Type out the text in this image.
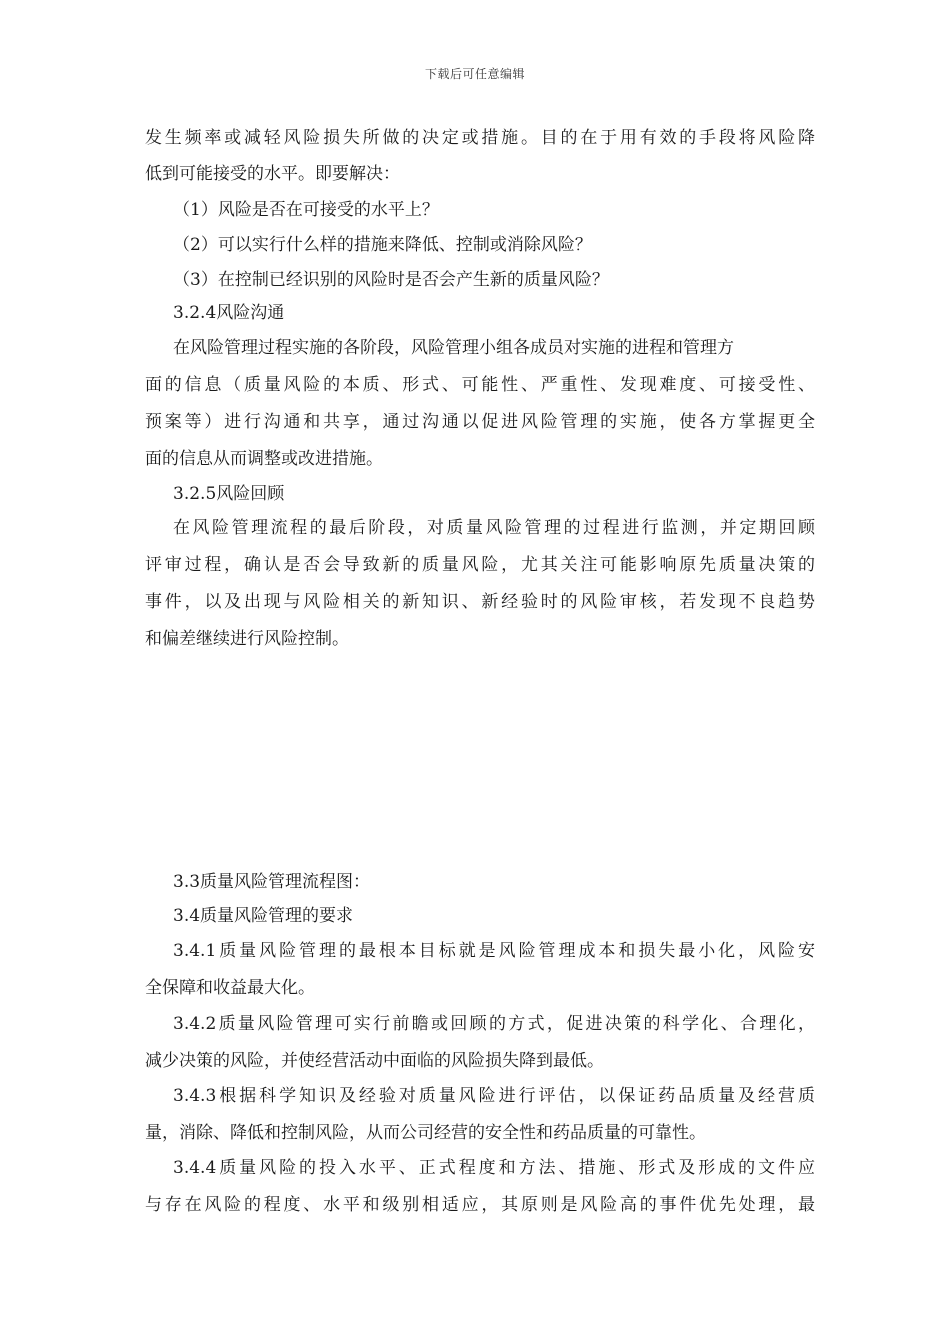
下载后可任意编辑
发生频率或减轻风险损失所做的决定或措施。目的在于用有效的手段将风险降
低到可能接受的水平。即要解决：
（1）风险是否在可接受的水平上？
（2）可以实行什么样的措施来降低、控制或消除风险？
（3）在控制已经识别的风险时是否会产生新的质量风险？
3.2.4风险沟通
在风险管理过程实施的各阶段，风险管理小组各成员对实施的进程和管理方
面的信息（质量风险的本质、形式、可能性、严重性、发现难度、可接受性、
预案等）进行沟通和共享，通过沟通以促进风险管理的实施，使各方掌握更全
面的信息从而调整或改进措施。
3.2.5风险回顾
在风险管理流程的最后阶段，对质量风险管理的过程进行监测，并定期回顾
评审过程，确认是否会导致新的质量风险，尤其关注可能影响原先质量决策的
事件，以及出现与风险相关的新知识、新经验时的风险审核，若发现不良趋势
和偏差继续进行风险控制。
3.3质量风险管理流程图：
3.4质量风险管理的要求
3.4.1质量风险管理的最根本目标就是风险管理成本和损失最小化，风险安
全保障和收益最大化。
3.4.2质量风险管理可实行前瞻或回顾的方式，促进决策的科学化、合理化，
减少决策的风险，并使经营活动中面临的风险损失降到最低。
3.4.3根据科学知识及经验对质量风险进行评估，以保证药品质量及经营质
量，消除、降低和控制风险，从而公司经营的安全性和药品质量的可靠性。
3.4.4质量风险的投入水平、正式程度和方法、措施、形式及形成的文件应
与存在风险的程度、水平和级别相适应，其原则是风险高的事件优先处理，最
